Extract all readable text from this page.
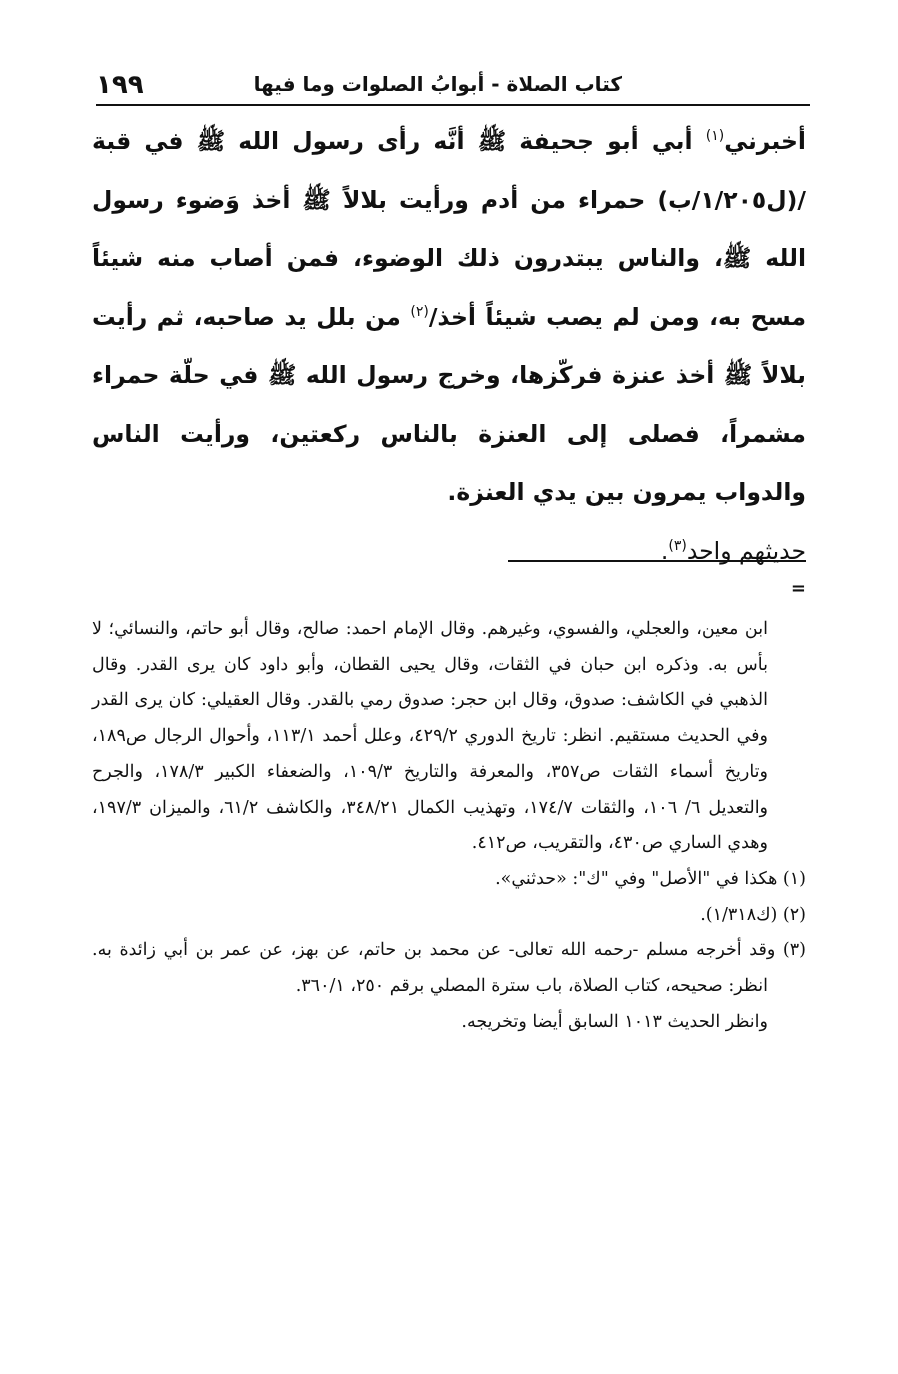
١٩٩	كتاب الصلاة - أبوابُ الصلوات وما فيها

أخبرني$^{(١)}$ أبي أبو جحيفة ﷺ أنَّه رأى رسول الله ﷺ في قبة /(ل١/٢٠٥/ب) حمراء من أدم ورأيت بلالاً ﷺ أخذ وَضوء رسول الله ﷺ، والناس يبتدرون ذلك الوضوء، فمن أصاب منه شيئاً مسح به، ومن لم يصب شيئاً أخذ/$^{(٢)}$ من بلل يد صاحبه، ثم رأيت بلالاً ﷺ أخذ عنزة فركّزها، وخرج رسول الله ﷺ في حلّة حمراء مشمراً، فصلى إلى العنزة بالناس ركعتين، ورأيت الناس والدواب يمرون بين يدي العنزة.

حديثهم واحد$^{(٣)}$.

=

ابن معين، والعجلي، والفسوي، وغيرهم. وقال الإمام احمد: صالح، وقال أبو حاتم، والنسائي؛ لا بأس به. وذكره ابن حبان في الثقات، وقال يحيى القطان، وأبو داود كان يرى القدر. وقال الذهبي في الكاشف: صدوق، وقال ابن حجر: صدوق رمي بالقدر. وقال العقيلي: كان يرى القدر وفي الحديث مستقيم. انظر: تاريخ الدوري ٤٢٩/٢، وعلل أحمد ١١٣/١، وأحوال الرجال ص١٨٩، وتاريخ أسماء الثقات ص٣٥٧، والمعرفة والتاريخ ١٠٩/٣، والضعفاء الكبير ١٧٨/٣، والجرح والتعديل ٦/ ١٠٦، والثقات ١٧٤/٧، وتهذيب الكمال ٣٤٨/٢١، والكاشف ٦١/٢، والميزان ١٩٧/٣، وهدي الساري ص٤٣٠، والتقريب، ص٤١٢.

(١) هكذا في "الأصل" وفي "ك": «حدثني».

(٢) (ك١/٣١٨).

(٣) وقد أخرجه مسلم -رحمه الله تعالى- عن محمد بن حاتم، عن بهز، عن عمر بن أبي زائدة به. انظر: صحيحه، كتاب الصلاة، باب سترة المصلي برقم ٢٥٠، ٣٦٠/١.

وانظر الحديث ١٠١٣ السابق أيضا وتخريجه.
